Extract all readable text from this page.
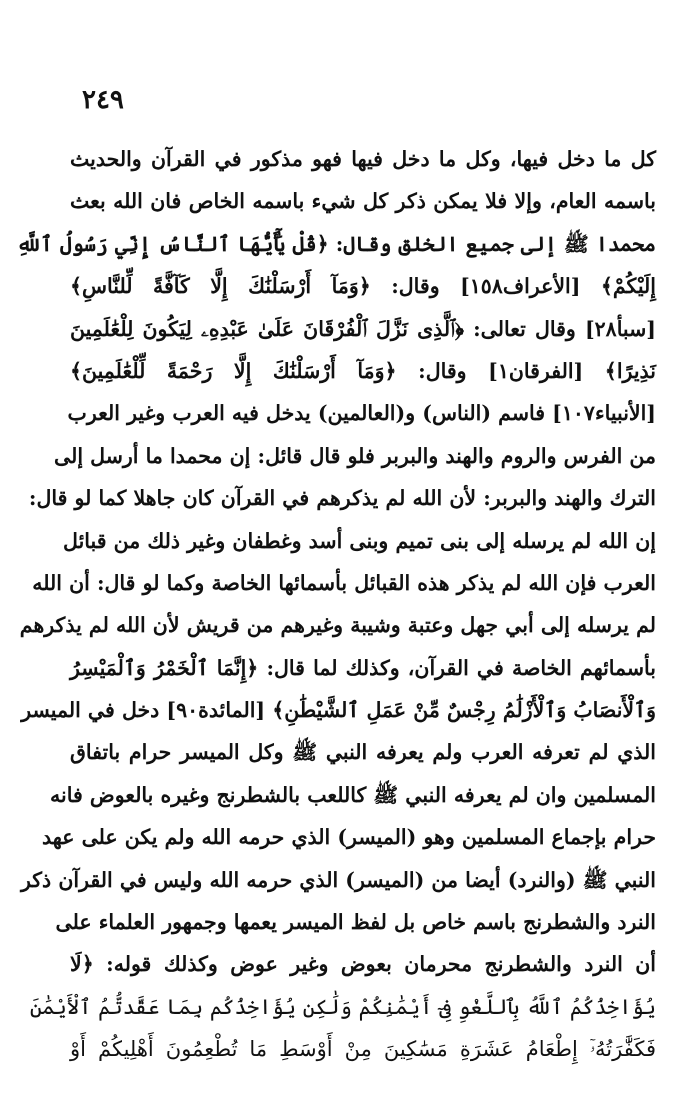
٢٤٩
كل ما دخل فيها، وكل ما دخل فيها فهو مذكور في القرآن والحديث
باسمه العام، وإلا فلا يمكن ذكر كل شيء باسمه الخاص فان الله بعث
محمدا ﷺ إلى جميع الخلق وقال: ﴿قُلْ يَٰٓأَيُّهَا ٱلنَّاسُ إِنِّي رَسُولُ ٱللَّهِ
إِلَيْكُمْ﴾ [الأعراف١٥٨] وقال: ﴿وَمَآ أَرْسَلْنَٰكَ إِلَّا كَآفَّةً لِّلنَّاسِ﴾
[سبأ٢٨] وقال تعالى: ﴿ٱلَّذِى نَزَّلَ ٱلْفُرْقَانَ عَلَىٰ عَبْدِهِۦ لِيَكُونَ لِلْعَٰلَمِينَ
نَذِيرًا﴾ [الفرقان١] وقال: ﴿وَمَآ أَرْسَلْنَٰكَ إِلَّا رَحْمَةً لِّلْعَٰلَمِينَ﴾
[الأنبياء١٠٧] فاسم (الناس) و(العالمين) يدخل فيه العرب وغير العرب
من الفرس والروم والهند والبربر فلو قال قائل: إن محمدا ما أرسل إلى
الترك والهند والبربر: لأن الله لم يذكرهم في القرآن كان جاهلا كما لو قال:
إن الله لم يرسله إلى بنى تميم وبنى أسد وغطفان وغير ذلك من قبائل
العرب فإن الله لم يذكر هذه القبائل بأسمائها الخاصة وكما لو قال: أن الله
لم يرسله إلى أبي جهل وعتبة وشيبة وغيرهم من قريش لأن الله لم يذكرهم
بأسمائهم الخاصة في القرآن، وكذلك لما قال: ﴿إِنَّمَا ٱلْخَمْرُ وَٱلْمَيْسِرُ
وَٱلْأَنصَابُ وَٱلْأَزْلَٰمُ رِجْسٌ مِّنْ عَمَلِ ٱلشَّيْطَٰنِ﴾ [المائدة٩٠] دخل في الميسر
الذي لم تعرفه العرب ولم يعرفه النبي ﷺ وكل الميسر حرام باتفاق
المسلمين وان لم يعرفه النبي ﷺ كاللعب بالشطرنج وغيره بالعوض فانه
حرام بإجماع المسلمين وهو (الميسر) الذي حرمه الله ولم يكن على عهد
النبي ﷺ (والنرد) أيضا من (الميسر) الذي حرمه الله وليس في القرآن ذكر
النرد والشطرنج باسم خاص بل لفظ الميسر يعمها وجمهور العلماء على
أن النرد والشطرنج محرمان بعوض وغير عوض وكذلك قوله: ﴿لَا
يُؤَاخِذُكُمُ ٱللَّهُ بِٱللَّغْوِ فِىٓ أَيْمَٰنِكُمْ وَلَٰكِن يُؤَاخِذُكُم بِمَا عَقَّدتُّمُ ٱلْأَيْمَٰنَ
فَكَفَّٰرَتُهُۥٓ إِطْعَامُ عَشَرَةِ مَسَٰكِينَ مِنْ أَوْسَطِ مَا تُطْعِمُونَ أَهْلِيكُمْ أَوْ
